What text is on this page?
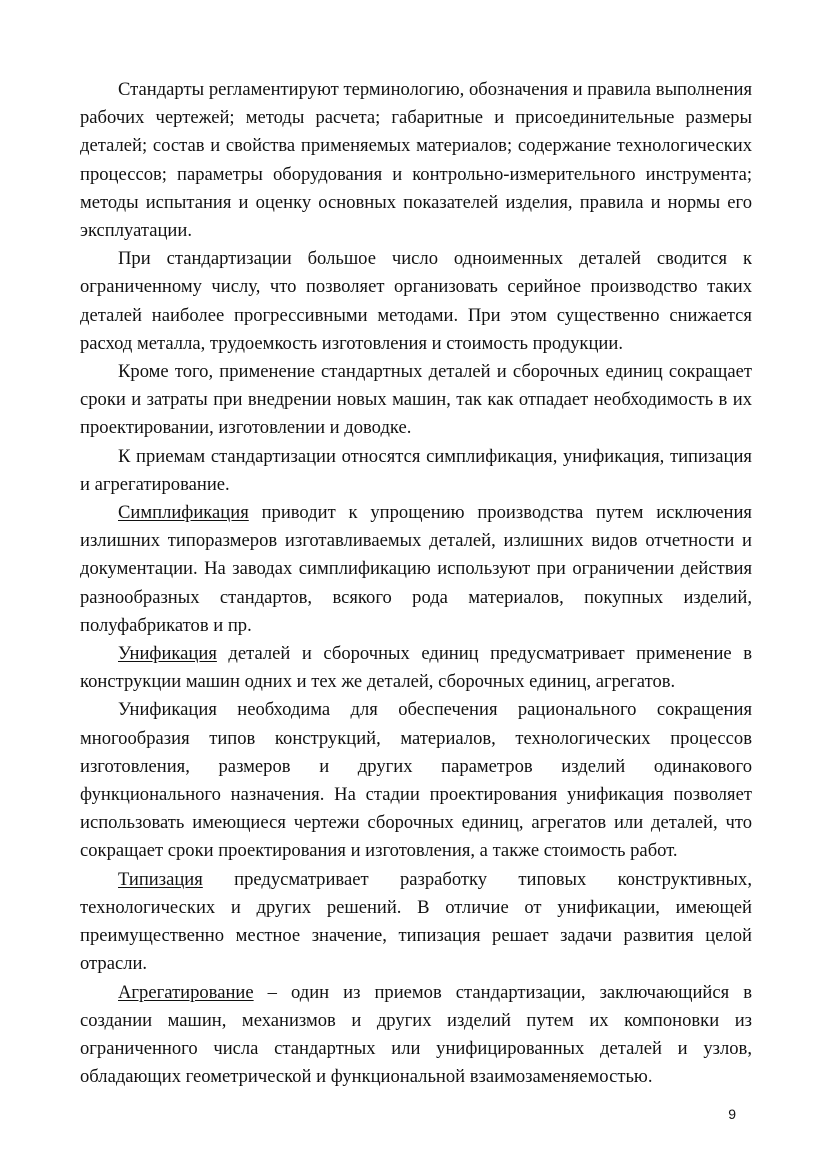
Стандарты регламентируют терминологию, обозначения и правила выполнения рабочих чертежей; методы расчета; габаритные и присоединительные размеры деталей; состав и свойства применяемых материалов; содержание технологических процессов; параметры оборудования и контрольно-измерительного инструмента; методы испытания и оценку основных показателей изделия, правила и нормы его эксплуатации.

При стандартизации большое число одноименных деталей сводится к ограниченному числу, что позволяет организовать серийное производство таких деталей наиболее прогрессивными методами. При этом существенно снижается расход металла, трудоемкость изготовления и стоимость продукции.

Кроме того, применение стандартных деталей и сборочных единиц сокращает сроки и затраты при внедрении новых машин, так как отпадает необходимость в их проектировании, изготовлении и доводке.

К приемам стандартизации относятся симплификация, унификация, типизация и агрегатирование.

Симплификация приводит к упрощению производства путем исключения излишних типоразмеров изготавливаемых деталей, излишних видов отчетности и документации. На заводах симплификацию используют при ограничении действия разнообразных стандартов, всякого рода материалов, покупных изделий, полуфабрикатов и пр.

Унификация деталей и сборочных единиц предусматривает применение в конструкции машин одних и тех же деталей, сборочных единиц, агрегатов.

Унификация необходима для обеспечения рационального сокращения многообразия типов конструкций, материалов, технологических процессов изготовления, размеров и других параметров изделий одинакового функционального назначения. На стадии проектирования унификация позволяет использовать имеющиеся чертежи сборочных единиц, агрегатов или деталей, что сокращает сроки проектирования и изготовления, а также стоимость работ.

Типизация предусматривает разработку типовых конструктивных, технологических и других решений. В отличие от унификации, имеющей преимущественно местное значение, типизация решает задачи развития целой отрасли.

Агрегатирование – один из приемов стандартизации, заключающийся в создании машин, механизмов и других изделий путем их компоновки из ограниченного числа стандартных или унифицированных деталей и узлов, обладающих геометрической и функциональной взаимозаменяемостью.

9
